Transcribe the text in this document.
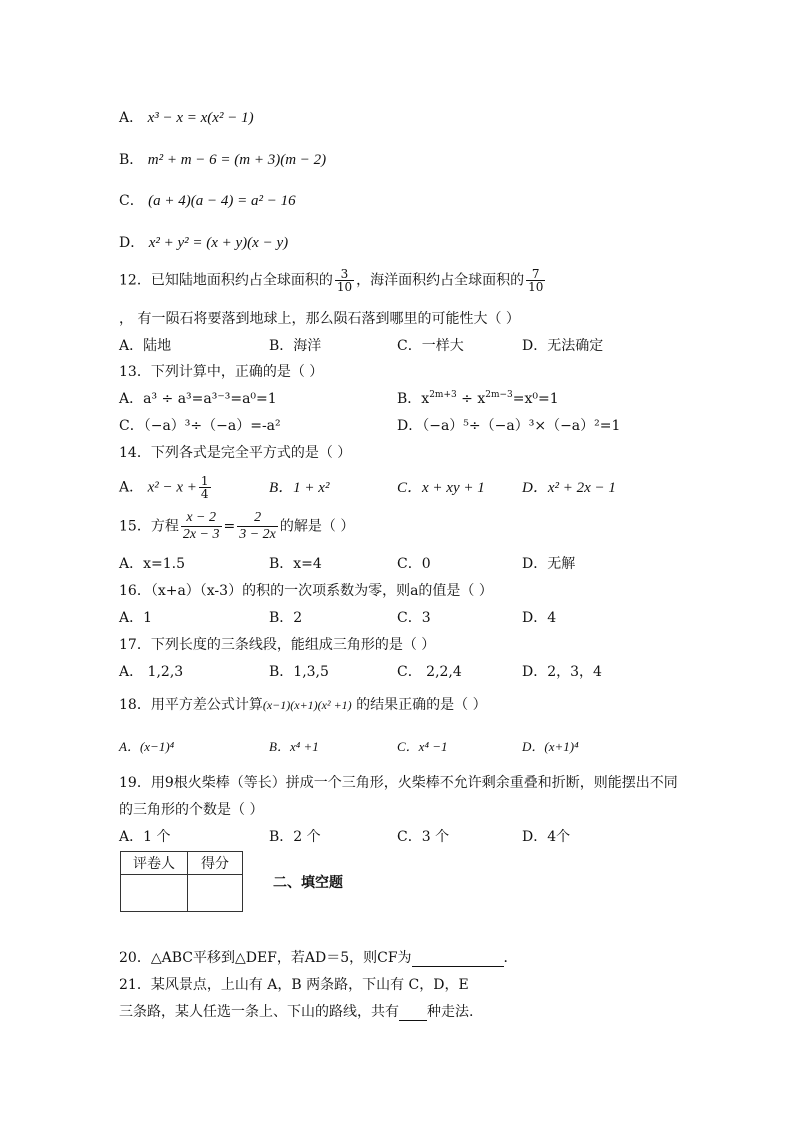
A． x³ − x = x(x² − 1)
B． m² + m − 6 = (m + 3)(m − 2)
C． (a + 4)(a − 4) = a² − 16
D． x² + y² = (x + y)(x − y)
12．已知陆地面积约占全球面积的 $\frac{3}{10}$ ，海洋面积约占全球面积的 $\frac{7}{10}$
， 有一陨石将要落到地球上，那么陨石落到哪里的可能性大（ ）
A．陆地	B．海洋	C．一样大	D．无法确定
13．下列计算中，正确的是（ ）
A．a³ ÷ a³=a³⁻³=a⁰=1	B．$x^{2m+3} \div x^{2m-3}=x^0=1$
C．（−a）³÷（−a）=-a²	D．（−a）⁵÷（−a）³×（−a）²=1
14．下列各式是完全平方式的是（ ）
A． $x^2 - x + \frac{1}{4}$	B．1 + x²	C．x + xy + 1 D．x² + 2x − 1
15．方程 $\frac{x - 2}{2x - 3} = \frac{2}{3 - 2x}$ 的解是（ ）
A．x=1.5	B．x=4	C．0	D．无解
16．（x+a）（x-3）的积的一次项系数为零，则a的值是（ ）
A．1	B．2	C．3	D．4
17．下列长度的三条线段，能组成三角形的是（ ）
A． 1,2,3	B．1,3,5	C． 2,2,4	D．2，3，4
18．用平方差公式计算(x−1)(x+1)(x² +1) 的结果正确的是（ ）
A．(x−1)⁴	B．x⁴ +1	C．x⁴ −1	D．(x+1)⁴
19．用9根火柴棒（等长）拼成一个三角形，火柴棒不允许剩余重叠和折断，则能摆出不同
的三角形的个数是（ ）
A．1 个	B．2 个	C．3 个	D．4个
评卷人	得分

二、填空题
20．△ABC平移到△DEF，若AD＝5，则CF为	．
21．某风景点，上山有 A，B 两条路，下山有 C，D，E
三条路，某人任选一条上、下山的路线，共有 种走法.
